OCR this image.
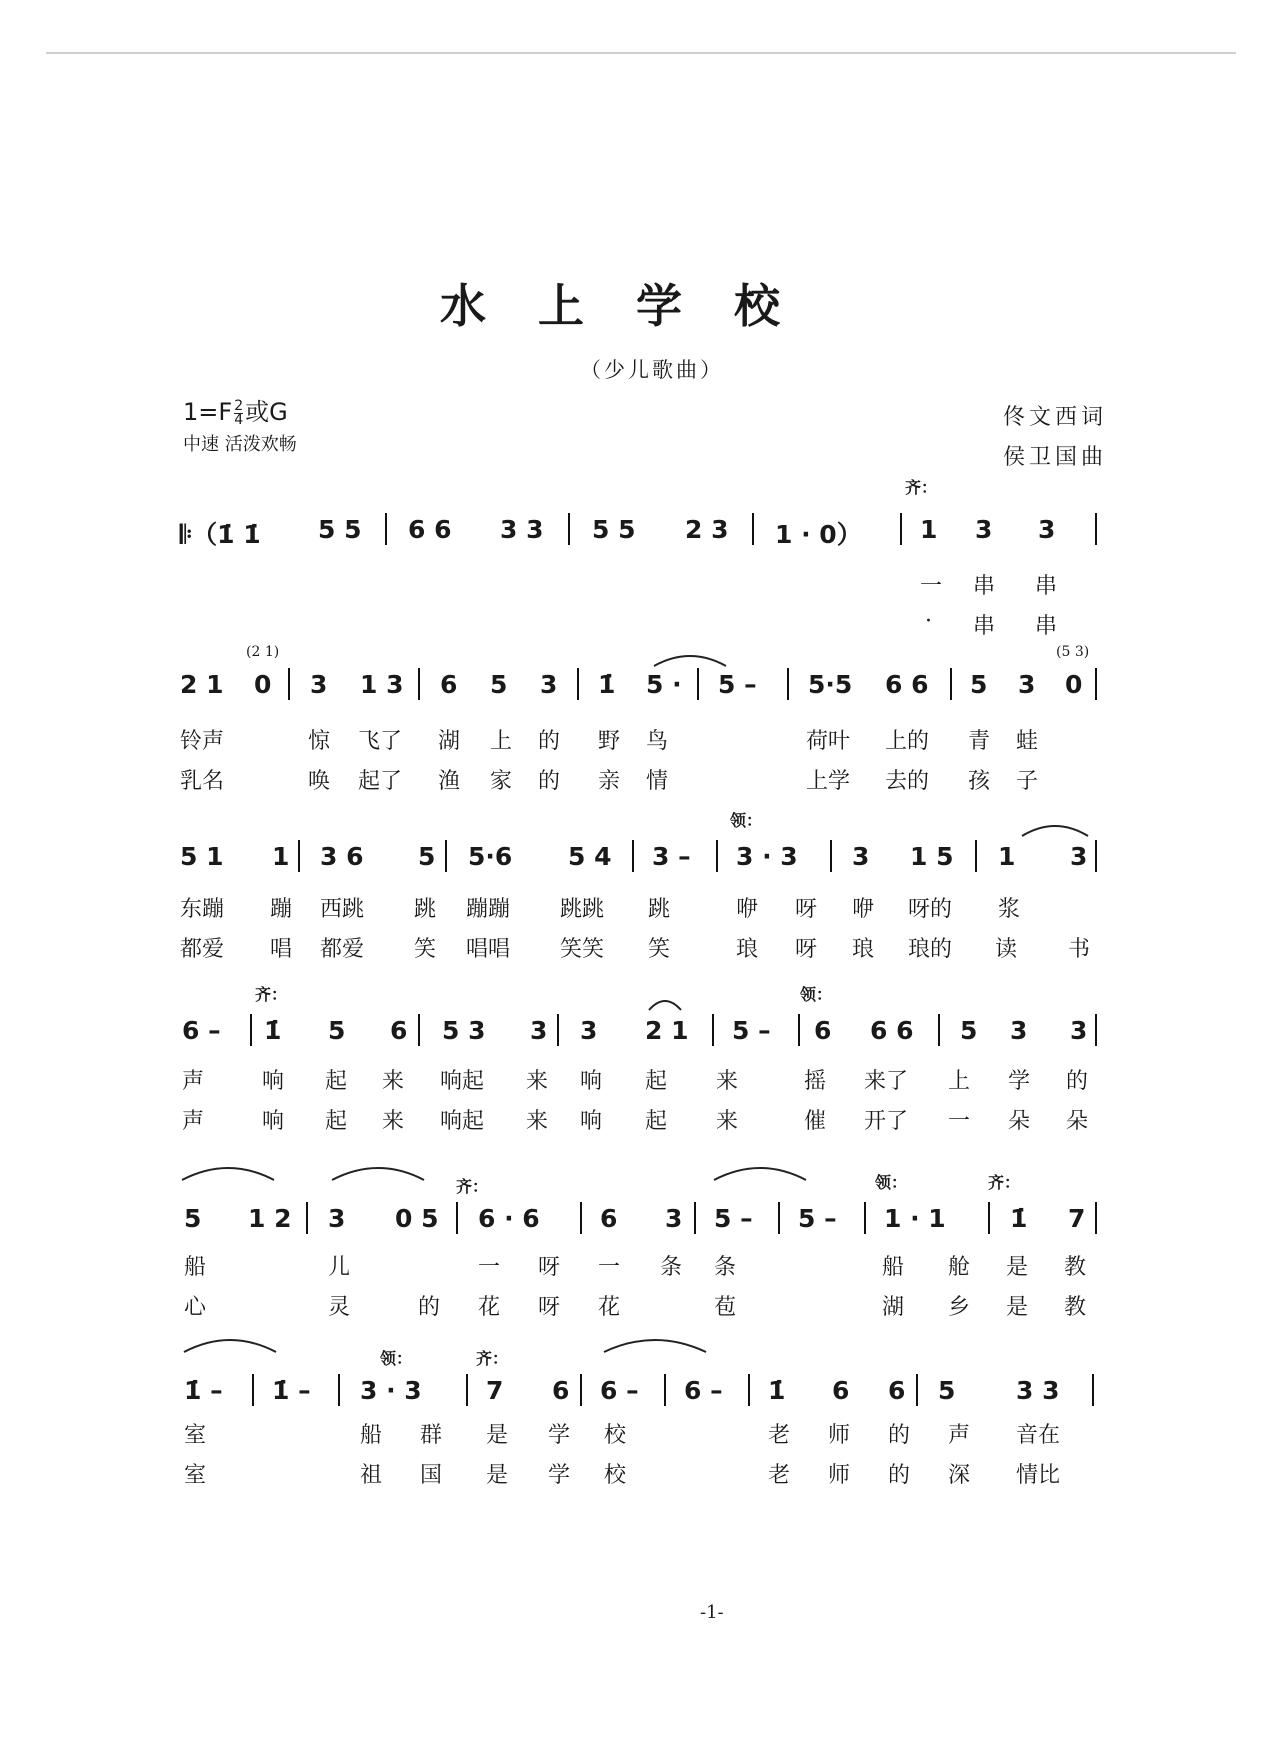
水上学校
（少儿歌曲）
$1=F \frac{2}{4}$ 或G
中速 活泼欢畅
佟文西词
侯卫国曲
𝄆（1̇ 1̇ 5 5 6 6 3 3 5 5 2 3 1 · 0） 1 3 3
齐：
一 串 串
· 串 串
2 1 0 3 1 3 6 5 3 1̇ 5 · 5 – 5·5 6 6 5 3 0
(2 1)	(5 3)
铃声	惊 飞了 湖 上 的 野 鸟	荷叶 上的 青 蛙
乳名	唤 起了 渔 家 的 亲 情	上学 去的 孩 子
5 1 1 3 6 5 5·6 5 4 3 – 3 · 3 3 1 5 1 3
领：
东蹦 蹦 西跳 跳 蹦蹦 跳跳 跳	咿 呀 咿 呀的 浆
都爱 唱 都爱 笑 唱唱 笑笑 笑	琅 呀 琅 琅的 读 书
6 – 1̇ 5 6 5 3 3 3 2 1 5 – 6 6 6 5 3 3
齐：	领：
声	响 起 来 响起 来 响 起 来	摇 来了 上 学 的
声	响 起 来 响起 来 响 起 来	催 开了 一 朵 朵
5 1 2 3 0 5 6 · 6 6 3 5 – 5 – 1 · 1	1̇ 7
齐：	领：	齐：
船	儿	一 呀 一 条 条	船 舱 是 教
心	灵	的 花 呀 花	苞	湖 乡 是 教
1̇ – 1̇ – 3 · 3	7 6 6 – 6 – 1̇ 6 6 5 3 3
领：	齐：
室	船 群 是 学 校	老 师 的 声 音在
室	祖 国 是 学 校	老 师 的 深 情比
-1-
